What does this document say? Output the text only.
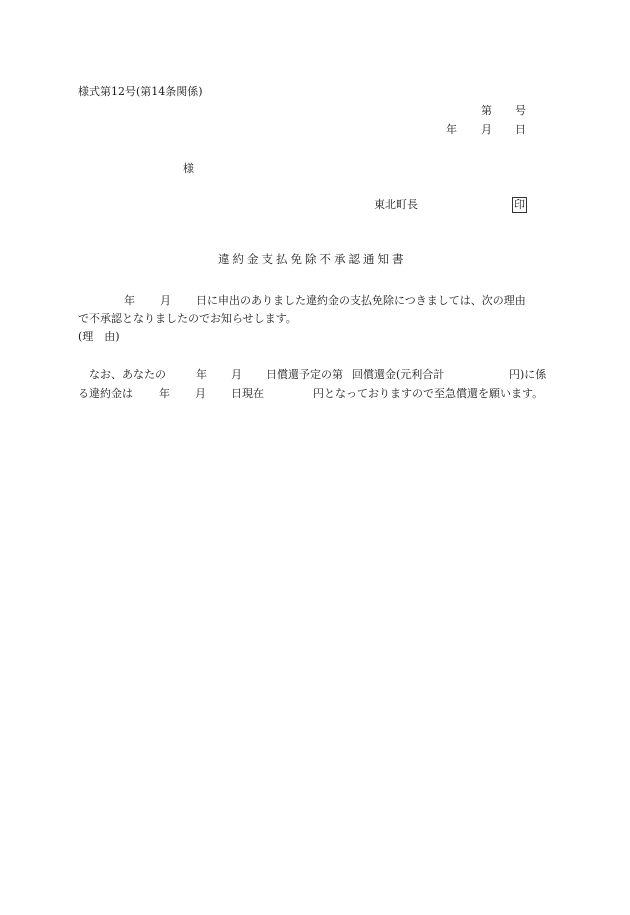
様式第12号(第14条関係)
第 号
年 月 日
様
東北町長	印
違約金支払免除不承認通知書
年 月 日に申出のありました違約金の支払免除につきましては、次の理由
で不承認となりましたのでお知らせします。
(理　由)
なお、あなたの	年 月 日償還予定の第 回償還金(元利合計	円)に係
る違約金は 年 月 日現在	円となっておりますので至急償還を願います。
